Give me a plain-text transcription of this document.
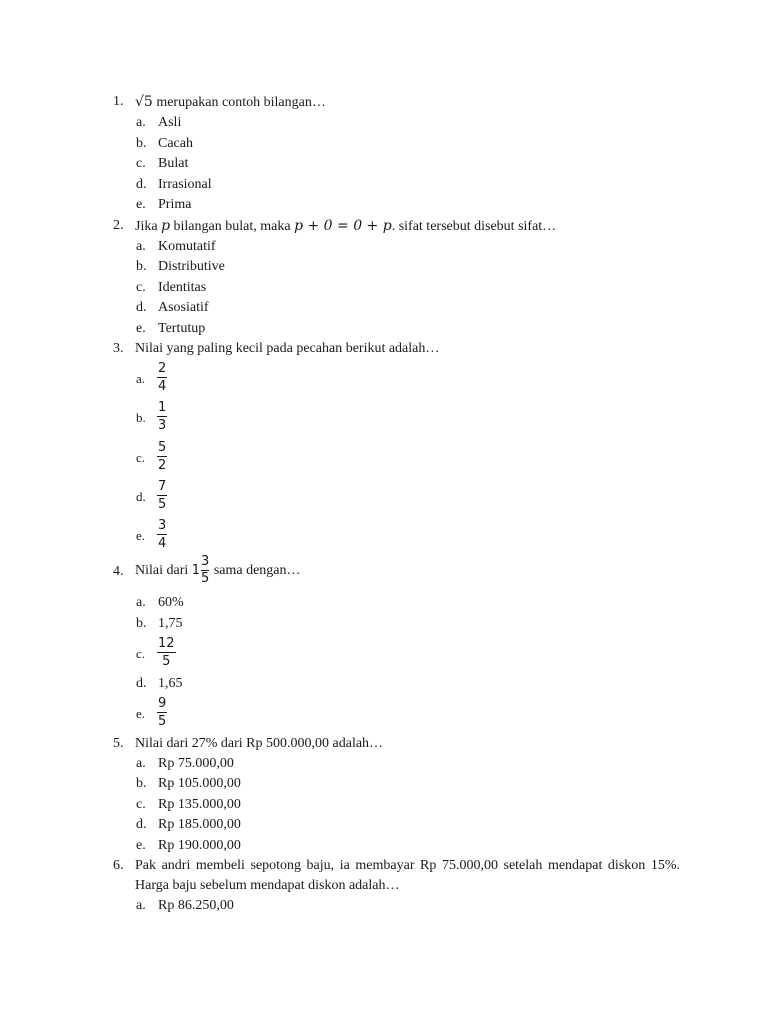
1. √5 merupakan contoh bilangan…
a. Asli
b. Cacah
c. Bulat
d. Irrasional
e. Prima
2. Jika p bilangan bulat, maka p + 0 = 0 + p. sifat tersebut disebut sifat…
a. Komutatif
b. Distributive
c. Identitas
d. Asosiatif
e. Tertutup
3. Nilai yang paling kecil pada pecahan berikut adalah…
a.
2
4
b.
1
3
c.
5
2
d.
7
5
e.
3
4
4. Nilai dari $1 \frac{3}{5}$ sama dengan…
a. 60%
b. 1,75
c.
12
5
d. 1,65
e.
9
5
5. Nilai dari 27% dari Rp 500.000,00 adalah…
a. Rp 75.000,00
b. Rp 105.000,00
c. Rp 135.000,00
d. Rp 185.000,00
e. Rp 190.000,00
6. Pak andri membeli sepotong baju, ia membayar Rp 75.000,00 setelah mendapat diskon 15%. Harga baju sebelum mendapat diskon adalah…
a. Rp 86.250,00
